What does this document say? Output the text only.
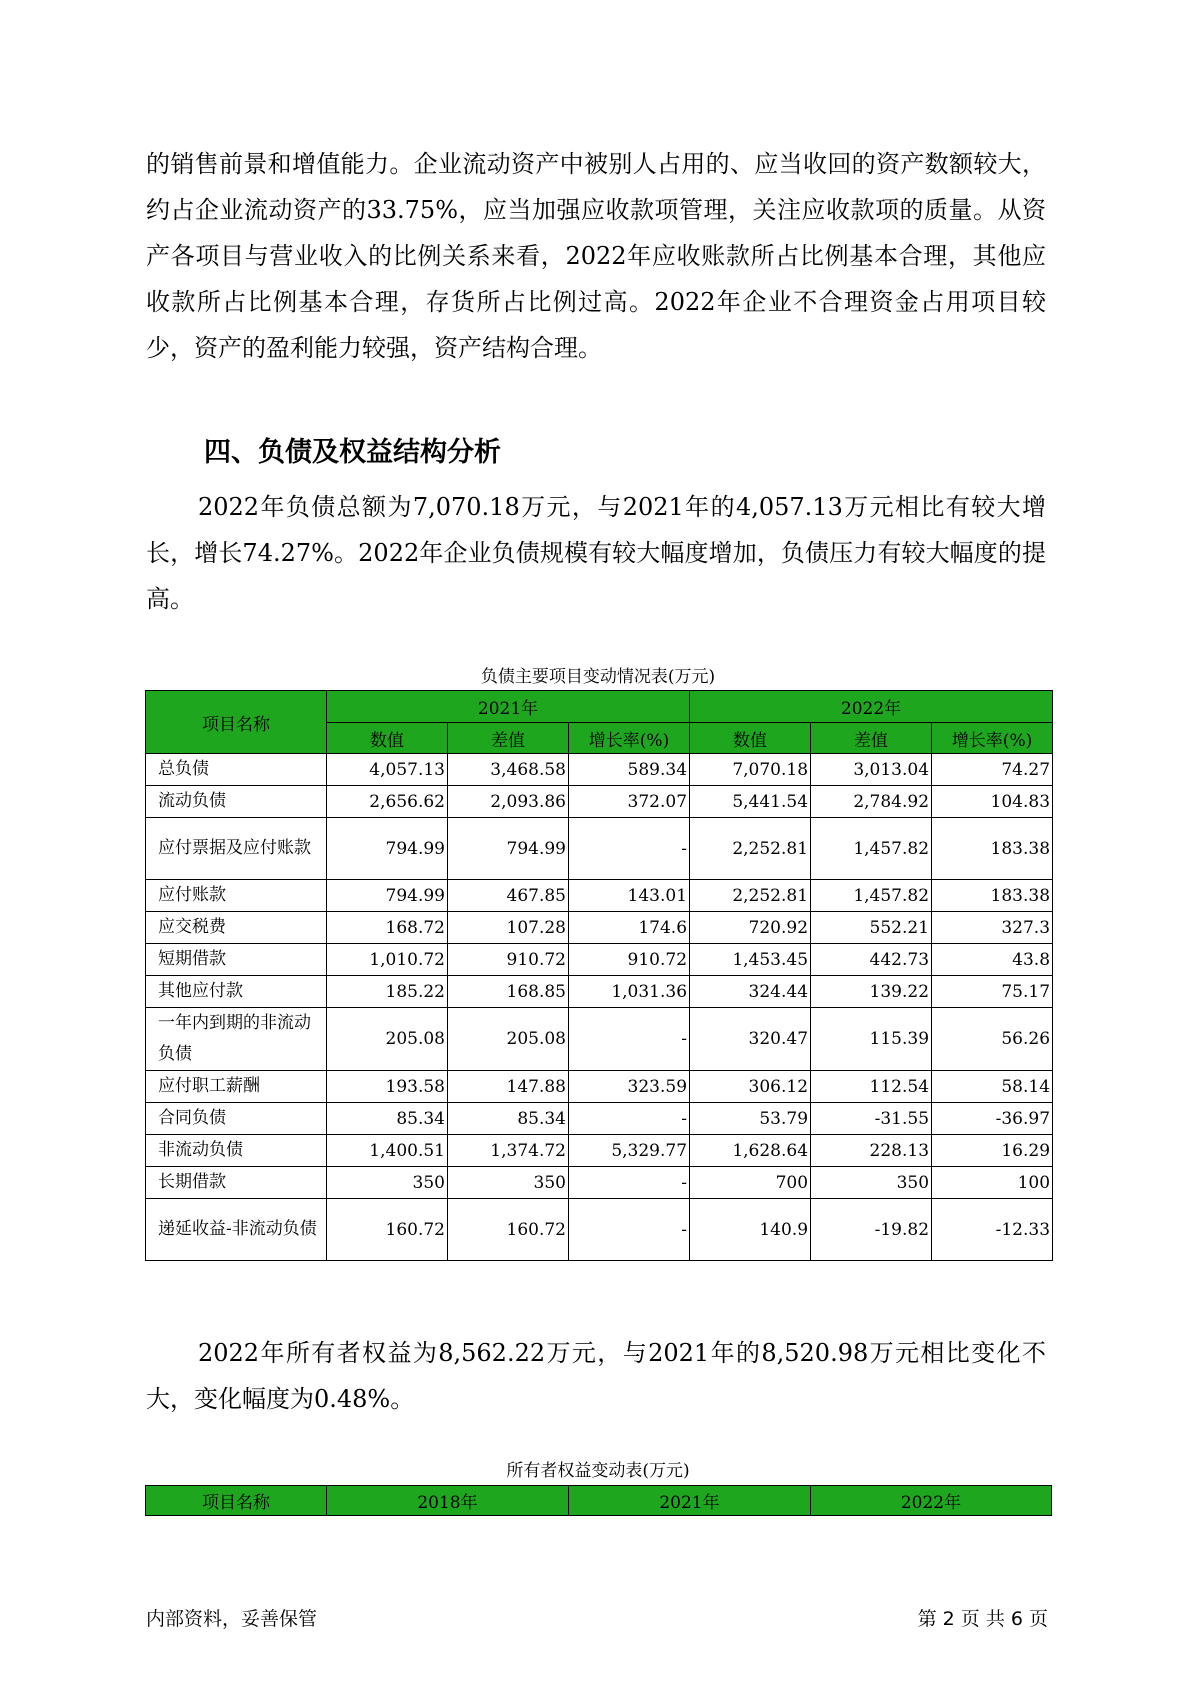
的销售前景和增值能力。企业流动资产中被别人占用的、应当收回的资产数额较大，约占企业流动资产的33.75%，应当加强应收款项管理，关注应收款项的质量。从资产各项目与营业收入的比例关系来看，2022年应收账款所占比例基本合理，其他应收款所占比例基本合理，存货所占比例过高。2022年企业不合理资金占用项目较少，资产的盈利能力较强，资产结构合理。

四、负债及权益结构分析

2022年负债总额为7,070.18万元，与2021年的4,057.13万元相比有较大增长，增长74.27%。2022年企业负债规模有较大幅度增加，负债压力有较大幅度的提高。

负债主要项目变动情况表(万元)
项目名称	2021年			2022年		
	数值	差值	增长率(%)	数值	差值	增长率(%)
总负债	4,057.13	3,468.58	589.34	7,070.18	3,013.04	74.27
流动负债	2,656.62	2,093.86	372.07	5,441.54	2,784.92	104.83
应付票据及应付账款	794.99	794.99	-	2,252.81	1,457.82	183.38
应付账款	794.99	467.85	143.01	2,252.81	1,457.82	183.38
应交税费	168.72	107.28	174.6	720.92	552.21	327.3
短期借款	1,010.72	910.72	910.72	1,453.45	442.73	43.8
其他应付款	185.22	168.85	1,031.36	324.44	139.22	75.17
一年内到期的非流动负债	205.08	205.08	-	320.47	115.39	56.26
应付职工薪酬	193.58	147.88	323.59	306.12	112.54	58.14
合同负债	85.34	85.34	-	53.79	-31.55	-36.97
非流动负债	1,400.51	1,374.72	5,329.77	1,628.64	228.13	16.29
长期借款	350	350	-	700	350	100
递延收益-非流动负债	160.72	160.72	-	140.9	-19.82	-12.33

2022年所有者权益为8,562.22万元，与2021年的8,520.98万元相比变化不大，变化幅度为0.48%。

所有者权益变动表(万元)
项目名称	2018年	2021年	2022年
内部资料，妥善保管	第 2 页 共 6 页
